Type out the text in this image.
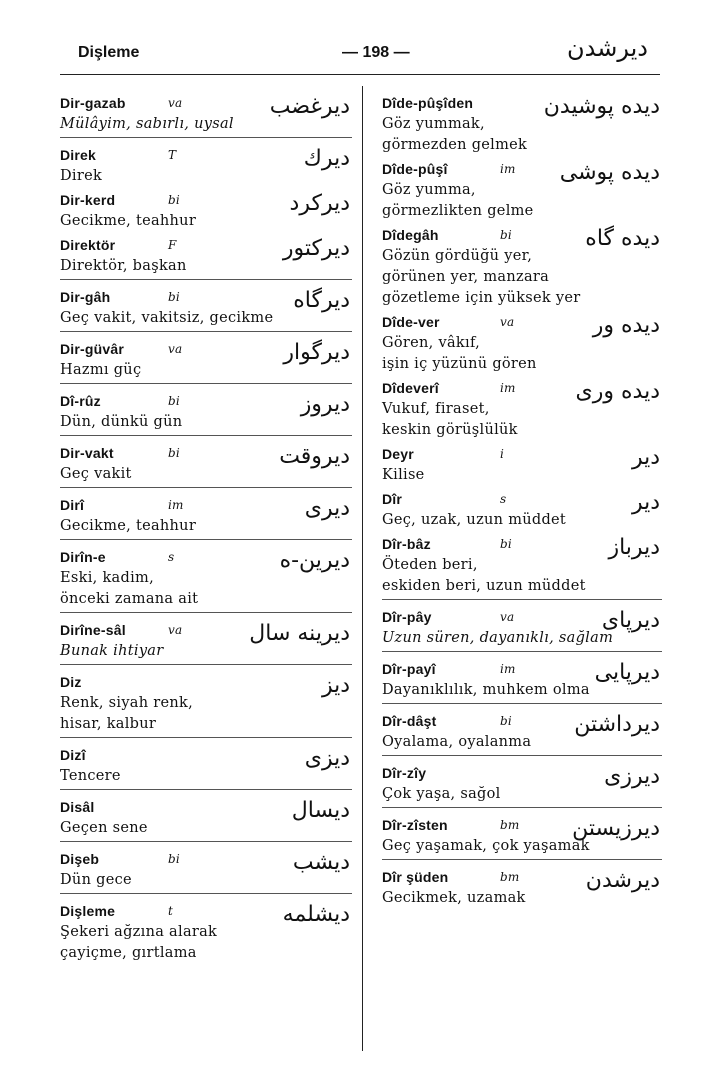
Dişleme	— 198 —	دیرشدن
Dir-gazab	va	دیرغضب
Mülâyim, sabırlı, uysal
Direk	T	دیرك
Direk
Dir-kerd	bi	دیرکرد
Gecikme, teahhur
Direktör	F	دیرکتور
Direktör, başkan
Dir-gâh	bi	دیرگاه
Geç vakit, vakitsiz, gecikme
Dir-güvâr	va	دیرگوار
Hazmı güç
Dî-rûz	bi	دیروز
Dün, dünkü gün
Dir-vakt	bi	دیروقت
Geç vakit
Dirî	im	دیری
Gecikme, teahhur
Dirîn-e	s	دیرین-ه
Eski, kadim,
önceki zamana ait
Dirîne-sâl	va	دیرینه سال
Bunak ihtiyar
Diz	دیز
Renk, siyah renk,
hisar, kalbur
Dizî	دیزی
Tencere
Disâl	دیسال
Geçen sene
Dişeb	bi	دیشب
Dün gece
Dişleme	t	دیشلمه
Şekeri ağzına alarak
çayiçme, gırtlama
Dîde-pûşîden	دیده پوشیدن
Göz yummak,
görmezden gelmek
Dîde-pûşî	im دیده پوشی
Göz yumma,
görmezlikten gelme
Dîdegâh	bi	دیده گاه
Gözün gördüğü yer,
görünen yer, manzara
gözetleme için yüksek yer
Dîde-ver	va	دیده ور
Gören, vâkıf,
işin iç yüzünü gören
Dîdeverî	im	دیده وری
Vukuf, firaset,
keskin görüşlülük
Deyr	i	دیر
Kilise
Dîr	s	دیر
Geç, uzak, uzun müddet
Dîr-bâz	bi	دیرباز
Öteden beri,
eskiden beri, uzun müddet
Dîr-pây	va	دیرپای
Uzun süren, dayanıklı, sağlam
Dîr-payî	im	دیرپایی
Dayanıklılık, muhkem olma
Dîr-dâşt	bi	دیرداشتن
Oyalama, oyalanma
Dîr-zîy	دیرزی
Çok yaşa, sağol
Dîr-zîsten	bm دیرزیستن
Geç yaşamak, çok yaşamak
Dîr şüden	bm	دیرشدن
Gecikmek, uzamak
